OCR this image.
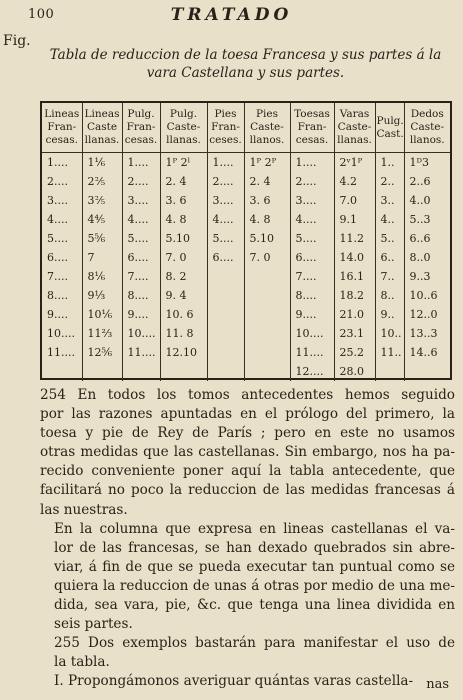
100	TRATADO
Fig.
Tabla de reduccion de la toesa Francesa y sus partes á la
vara Castellana y sus partes.
Lineas Fran- cesas.	Lineas Caste llanas.	Pulg. Fran- cesas.	Pulg. Caste- llanas.	Pies Fran- ceses.	Pies Caste- llanos.	Toesas Fran- cesas.	Varas Caste- llanas.	Pulg. Cast.	Dedos Caste- llanos.
1....	1⅙	1....	1ᴾ 2ˡ	1....	1ᴾ 2ᴾ	1....	2ᵛ1ᴾ	1..	1ᴰ3
2....	2⅖	2....	2. 4	2....	2. 4	2....	4.2	2..	2..6
3....	3⅖	3....	3. 6	3....	3. 6	3....	7.0	3..	4..0
4....	4⅘	4....	4. 8	4....	4. 8	4....	9.1	4..	5..3
5....	5⅚	5....	5.10	5....	5.10	5....	11.2	5..	6..6
6....	7	6....	7. 0	6....	7. 0	6....	14.0	6..	8..0
7....	8⅙	7....	8. 2			7....	16.1	7..	9..3
8....	9⅓	8....	9. 4			8....	18.2	8..	10..6
9....	10⅙	9....	10. 6			9....	21.0	9..	12..0
10....	11⅔	10....	11. 8			10....	23.1	10..	13..3
11....	12⅚	11....	12.10			11....	25.2	11..	14..6
						12....	28.0		

254 En todos los tomos antecedentes hemos seguido
por las razones apuntadas en el prólogo del primero, la
toesa y pie de Rey de París ; pero en este no usamos
otras medidas que las castellanas. Sin embargo, nos ha pa-
recido conveniente poner aquí la tabla antecedente, que
facilitará no poco la reduccion de las medidas francesas á
las nuestras.

En la columna que expresa en lineas castellanas el va-
lor de las francesas, se han dexado quebrados sin abre-
viar, á fin de que se pueda executar tan puntual como se
quiera la reduccion de unas á otras por medio de una me-
dida, sea vara, pie, &c. que tenga una linea dividida en
seis partes.

255 Dos exemplos bastarán para manifestar el uso de
la tabla.

I. Propongámonos averiguar quántas varas castella-	nas
